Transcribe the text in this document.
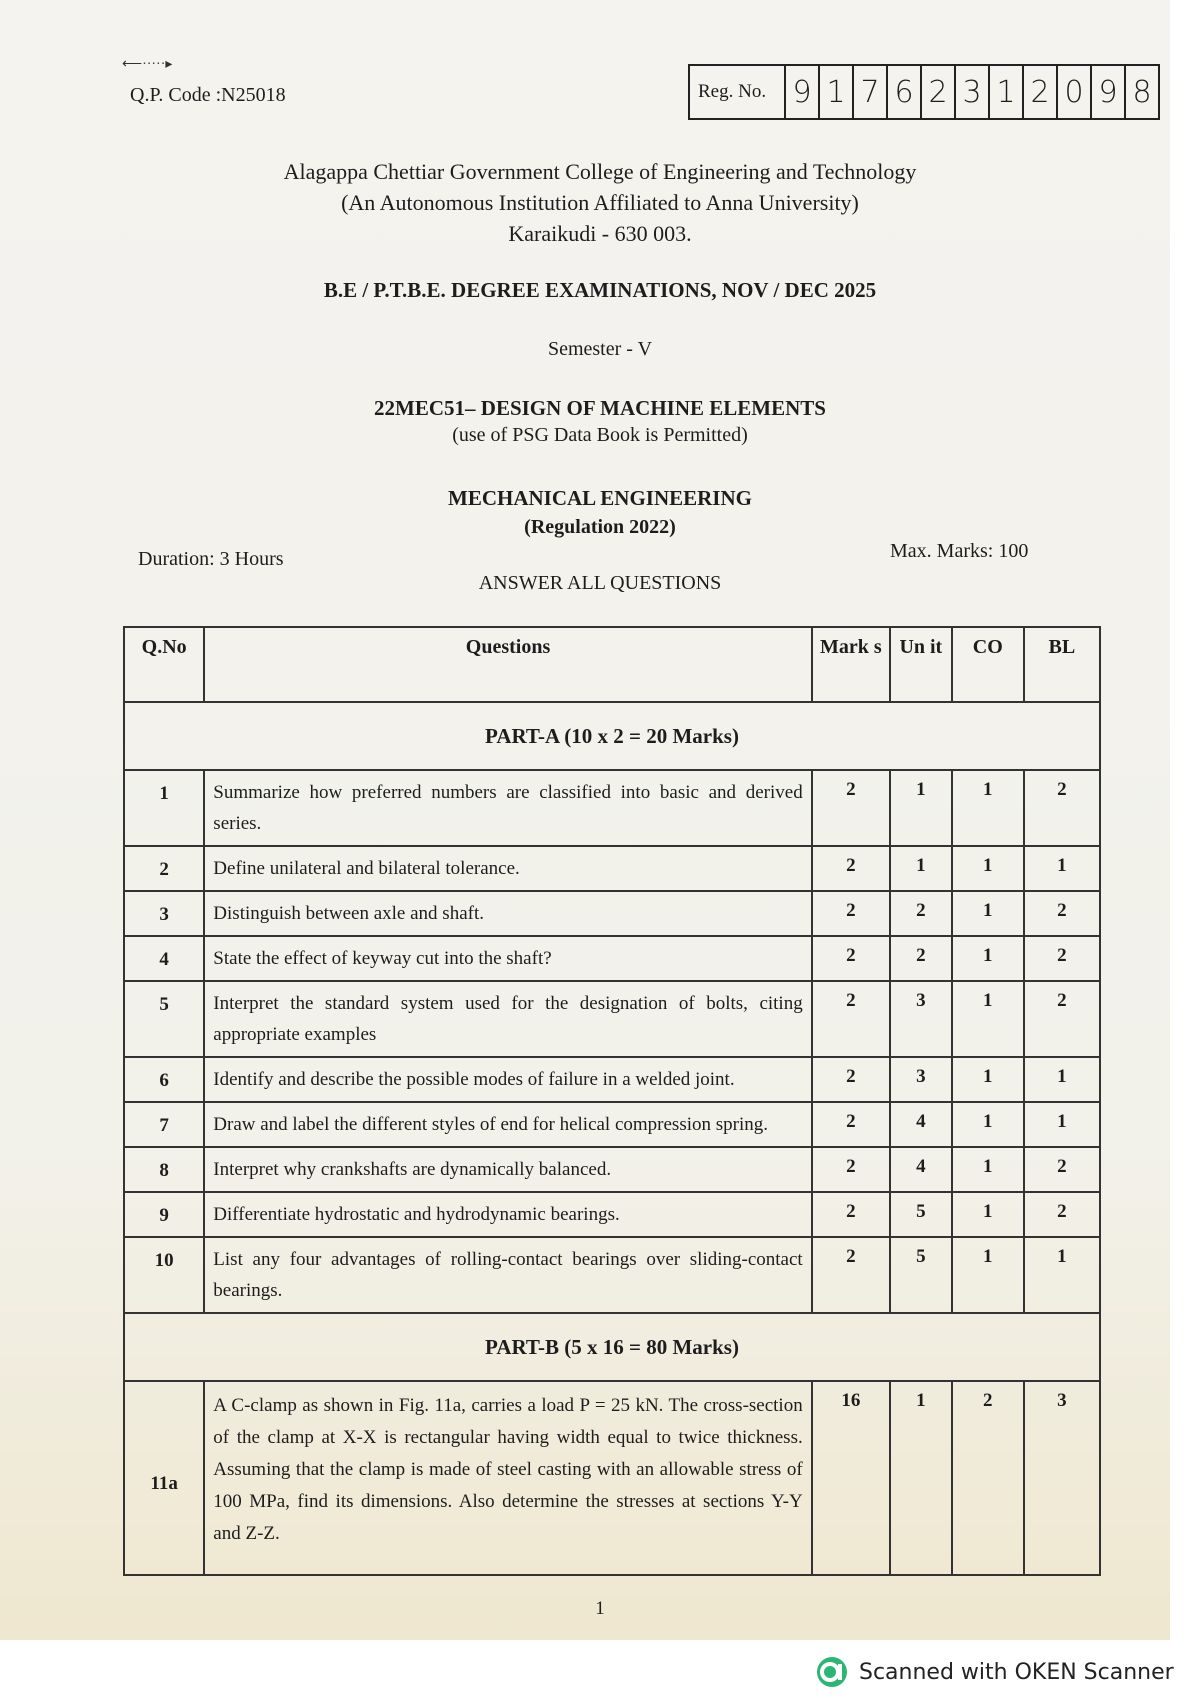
⟵·····▸
Q.P. Code :N25018	Reg. No.	9	1	7	6	2	3	1	2	0	9	8
Alagappa Chettiar Government College of Engineering and Technology
(An Autonomous Institution Affiliated to Anna University)
Karaikudi - 630 003.
B.E / P.T.B.E. DEGREE EXAMINATIONS, NOV / DEC 2025
Semester - V
22MEC51– DESIGN OF MACHINE ELEMENTS
(use of PSG Data Book is Permitted)
MECHANICAL ENGINEERING
(Regulation 2022)
Duration: 3 Hours	Max. Marks: 100
ANSWER ALL QUESTIONS
Q.No	Questions	Mark s	Un it	CO	BL
PART-A (10 x 2 = 20 Marks)					
1	Summarize how preferred numbers are classified into basic and derived series.	2	1	1	2
2	Define unilateral and bilateral tolerance.	2	1	1	1
3	Distinguish between axle and shaft.	2	2	1	2
4	State the effect of keyway cut into the shaft?	2	2	1	2
5	Interpret the standard system used for the designation of bolts, citing appropriate examples	2	3	1	2
6	Identify and describe the possible modes of failure in a welded joint.	2	3	1	1
7	Draw and label the different styles of end for helical compression spring.	2	4	1	1
8	Interpret why crankshafts are dynamically balanced.	2	4	1	2
9	Differentiate hydrostatic and hydrodynamic bearings.	2	5	1	2
10	List any four advantages of rolling-contact bearings over sliding-contact bearings.	2	5	1	1
PART-B (5 x 16 = 80 Marks)					
11a	A C-clamp as shown in Fig. 11a, carries a load P = 25 kN. The cross-section of the clamp at X-X is rectangular having width equal to twice thickness. Assuming that the clamp is made of steel casting with an allowable stress of 100 MPa, find its dimensions. Also determine the stresses at sections Y-Y and Z-Z.	16	1	2	3
1
Scanned with OKEN Scanner
